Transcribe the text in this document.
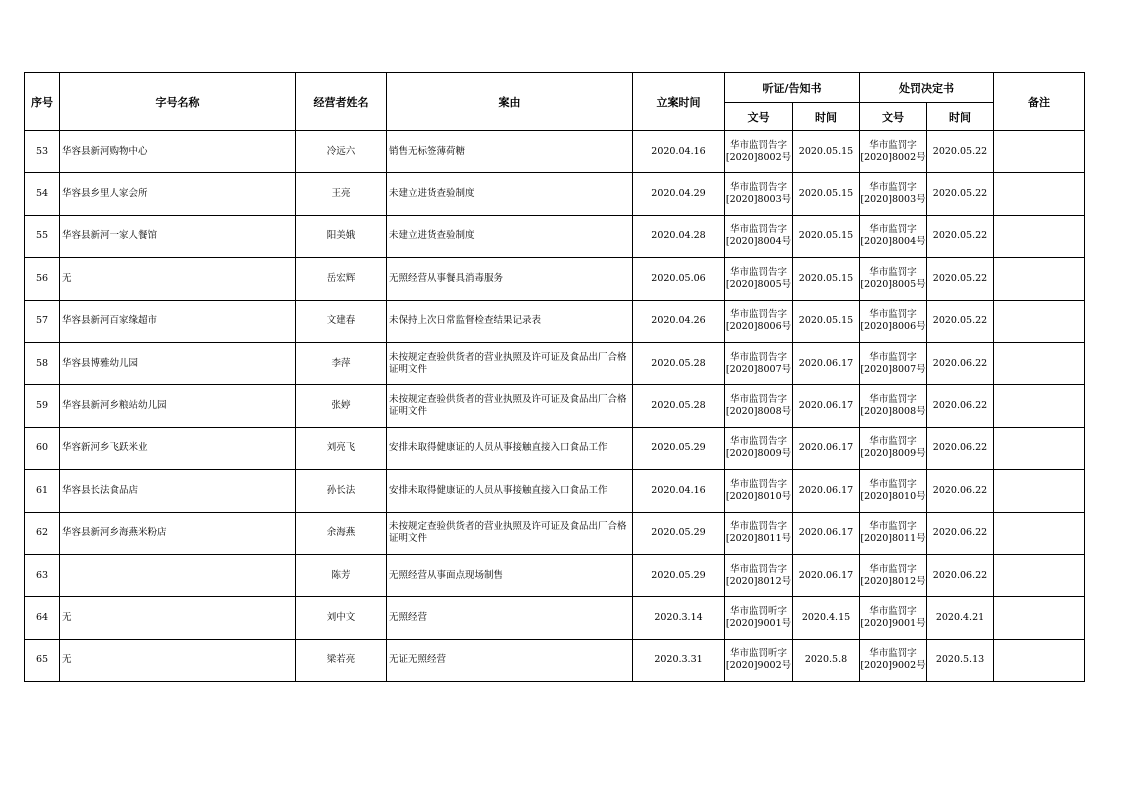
序号	字号名称	经营者姓名	案由	立案时间	听证/告知书		处罚决定书		备注
					文号	时间	文号	时间	
53	华容县新河购物中心	冷远六	销售无标签薄荷糖	2020.04.16	华市监罚告字[2020]8002号	2020.05.15	华市监罚字[2020]8002号	2020.05.22	
54	华容县乡里人家会所	王亮	未建立进货查验制度	2020.04.29	华市监罚告字[2020]8003号	2020.05.15	华市监罚字[2020]8003号	2020.05.22	
55	华容县新河一家人餐馆	阳美娥	未建立进货查验制度	2020.04.28	华市监罚告字[2020]8004号	2020.05.15	华市监罚字[2020]8004号	2020.05.22	
56	无	岳宏辉	无照经营从事餐具消毒服务	2020.05.06	华市监罚告字[2020]8005号	2020.05.15	华市监罚字[2020]8005号	2020.05.22	
57	华容县新河百家缘超市	文建春	未保持上次日常监督检查结果记录表	2020.04.26	华市监罚告字[2020]8006号	2020.05.15	华市监罚字[2020]8006号	2020.05.22	
58	华容县博雅幼儿园	李萍	未按规定查验供货者的营业执照及许可证及食品出厂合格证明文件	2020.05.28	华市监罚告字[2020]8007号	2020.06.17	华市监罚字[2020]8007号	2020.06.22	
59	华容县新河乡粮站幼儿园	张婷	未按规定查验供货者的营业执照及许可证及食品出厂合格证明文件	2020.05.28	华市监罚告字[2020]8008号	2020.06.17	华市监罚字[2020]8008号	2020.06.22	
60	华容新河乡飞跃米业	刘亮飞	安排未取得健康证的人员从事接触直接入口食品工作	2020.05.29	华市监罚告字[2020]8009号	2020.06.17	华市监罚字[2020]8009号	2020.06.22	
61	华容县长法食品店	孙长法	安排未取得健康证的人员从事接触直接入口食品工作	2020.04.16	华市监罚告字[2020]8010号	2020.06.17	华市监罚字[2020]8010号	2020.06.22	
62	华容县新河乡海燕米粉店	余海燕	未按规定查验供货者的营业执照及许可证及食品出厂合格证明文件	2020.05.29	华市监罚告字[2020]8011号	2020.06.17	华市监罚字[2020]8011号	2020.06.22	
63		陈芳	无照经营从事面点现场制售	2020.05.29	华市监罚告字[2020]8012号	2020.06.17	华市监罚字[2020]8012号	2020.06.22	
64	无	刘中文	无照经营	2020.3.14	华市监罚听字[2020]9001号	2020.4.15	华市监罚字[2020]9001号	2020.4.21	
65	无	梁若亮	无证无照经营	2020.3.31	华市监罚听字[2020]9002号	2020.5.8	华市监罚字[2020]9002号	2020.5.13	
